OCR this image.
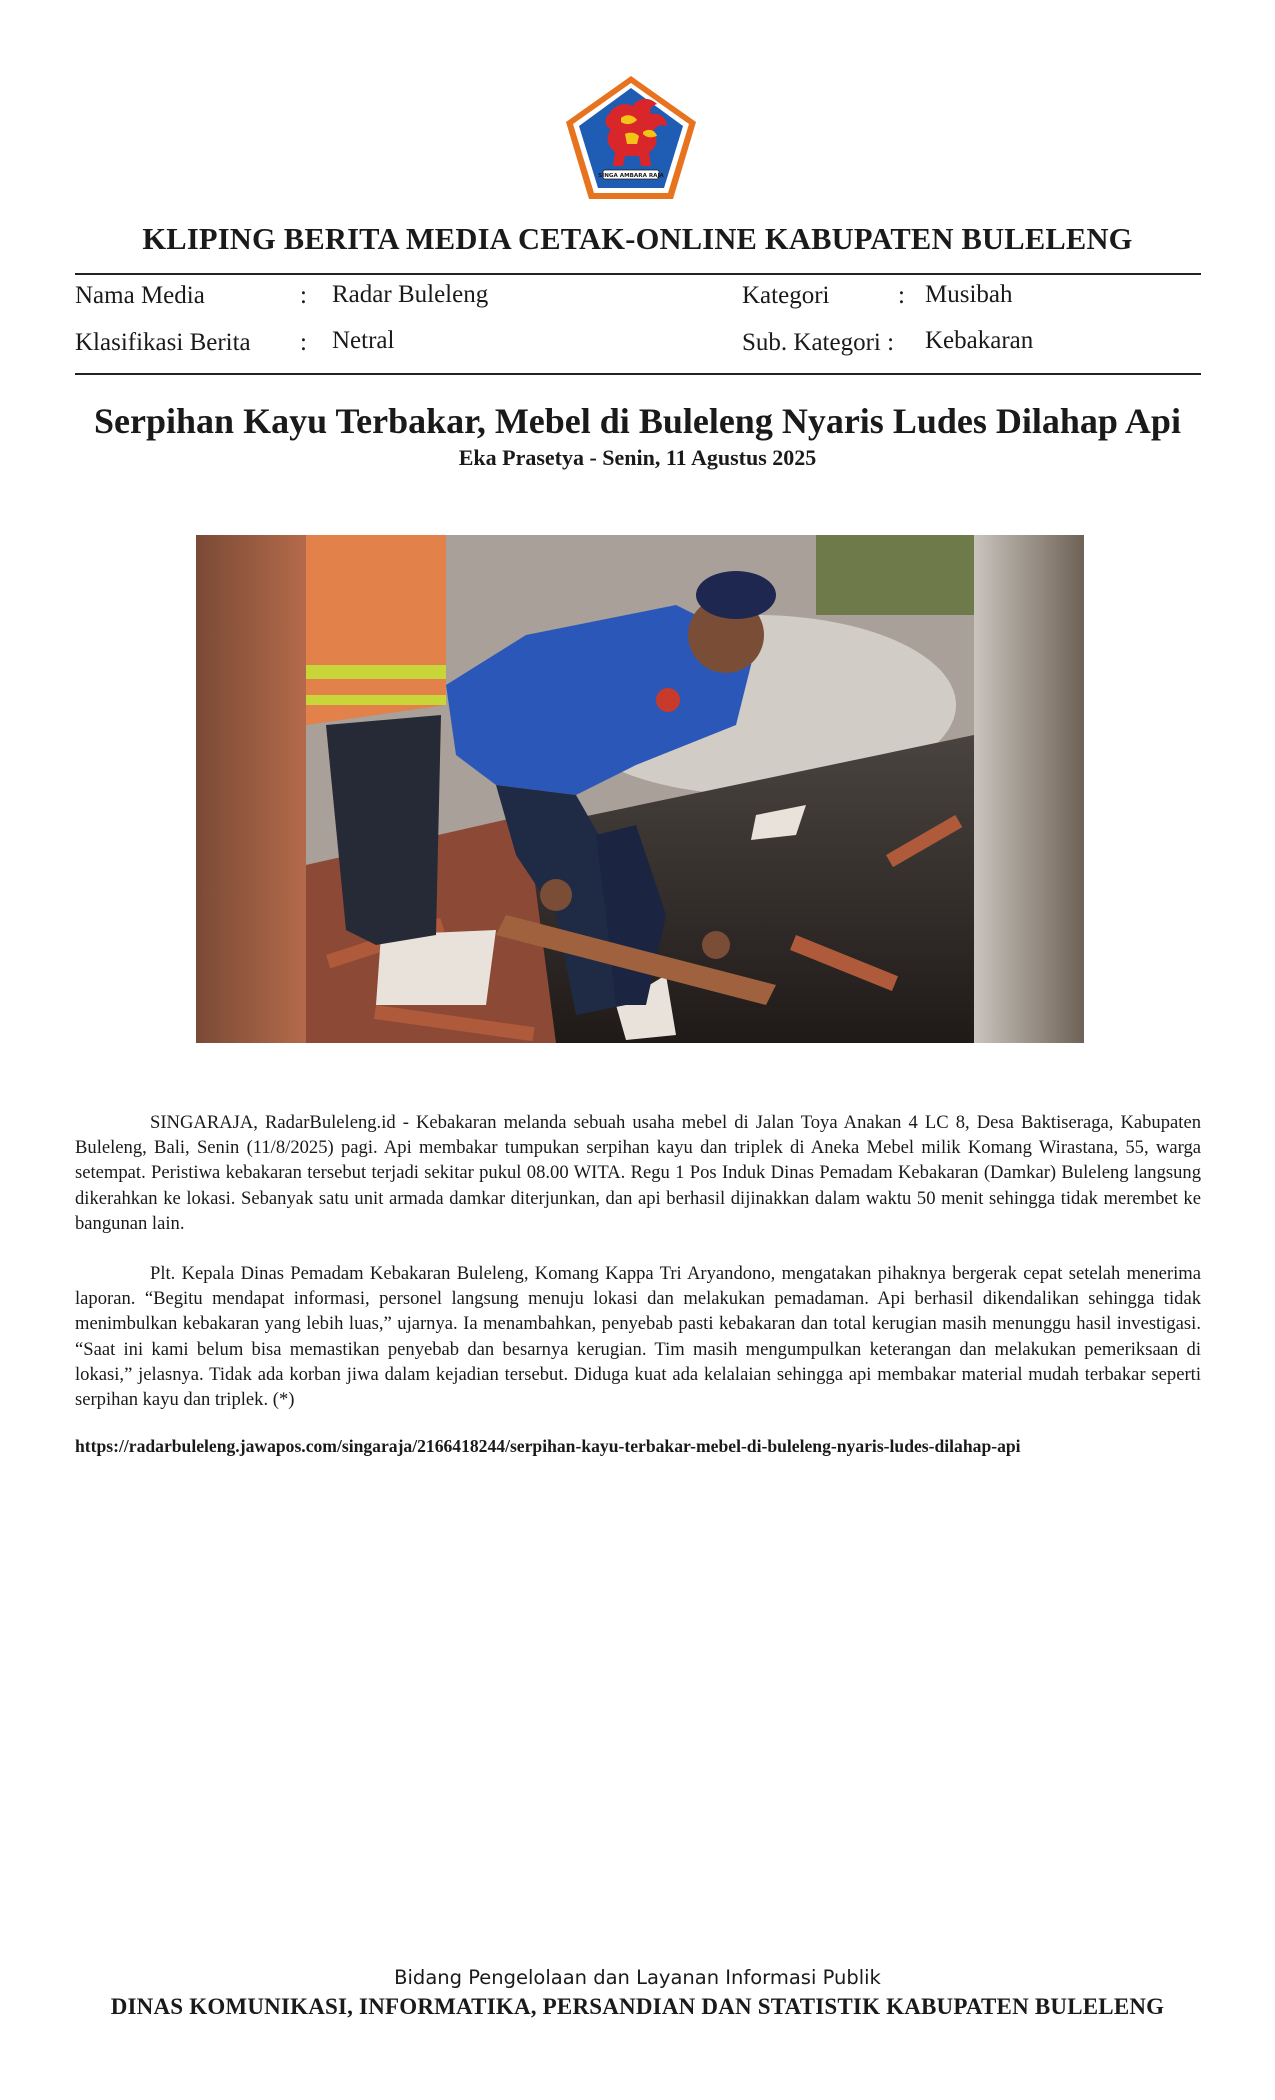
SINGA AMBARA RAJA
KLIPING BERITA MEDIA CETAK-ONLINE KABUPATEN BULELENG
Nama Media	: Radar Buleleng	Kategori	: Musibah
Klasifikasi Berita : Netral	Sub. Kategori : Kebakaran
Serpihan Kayu Terbakar, Mebel di Buleleng Nyaris Ludes Dilahap Api
Eka Prasetya - Senin, 11 Agustus 2025

SINGARAJA, RadarBuleleng.id - Kebakaran melanda sebuah usaha mebel di Jalan Toya Anakan 4 LC 8, Desa Baktiseraga, Kabupaten Buleleng, Bali, Senin (11/8/2025) pagi. Api membakar tumpukan serpihan kayu dan triplek di Aneka Mebel milik Komang Wirastana, 55, warga setempat. Peristiwa kebakaran tersebut terjadi sekitar pukul 08.00 WITA. Regu 1 Pos Induk Dinas Pemadam Kebakaran (Damkar) Buleleng langsung dikerahkan ke lokasi. Sebanyak satu unit armada damkar diterjunkan, dan api berhasil dijinakkan dalam waktu 50 menit sehingga tidak merembet ke bangunan lain.

Plt. Kepala Dinas Pemadam Kebakaran Buleleng, Komang Kappa Tri Aryandono, mengatakan pihaknya bergerak cepat setelah menerima laporan. “Begitu mendapat informasi, personel langsung menuju lokasi dan melakukan pemadaman. Api berhasil dikendalikan sehingga tidak menimbulkan kebakaran yang lebih luas,” ujarnya. Ia menambahkan, penyebab pasti kebakaran dan total kerugian masih menunggu hasil investigasi. “Saat ini kami belum bisa memastikan penyebab dan besarnya kerugian. Tim masih mengumpulkan keterangan dan melakukan pemeriksaan di lokasi,” jelasnya. Tidak ada korban jiwa dalam kejadian tersebut. Diduga kuat ada kelalaian sehingga api membakar material mudah terbakar seperti serpihan kayu dan triplek. (*)

https://radarbuleleng.jawapos.com/singaraja/2166418244/serpihan-kayu-terbakar-mebel-di-buleleng-nyaris-ludes-dilahap-api
Bidang Pengelolaan dan Layanan Informasi Publik
DINAS KOMUNIKASI, INFORMATIKA, PERSANDIAN DAN STATISTIK KABUPATEN BULELENG
